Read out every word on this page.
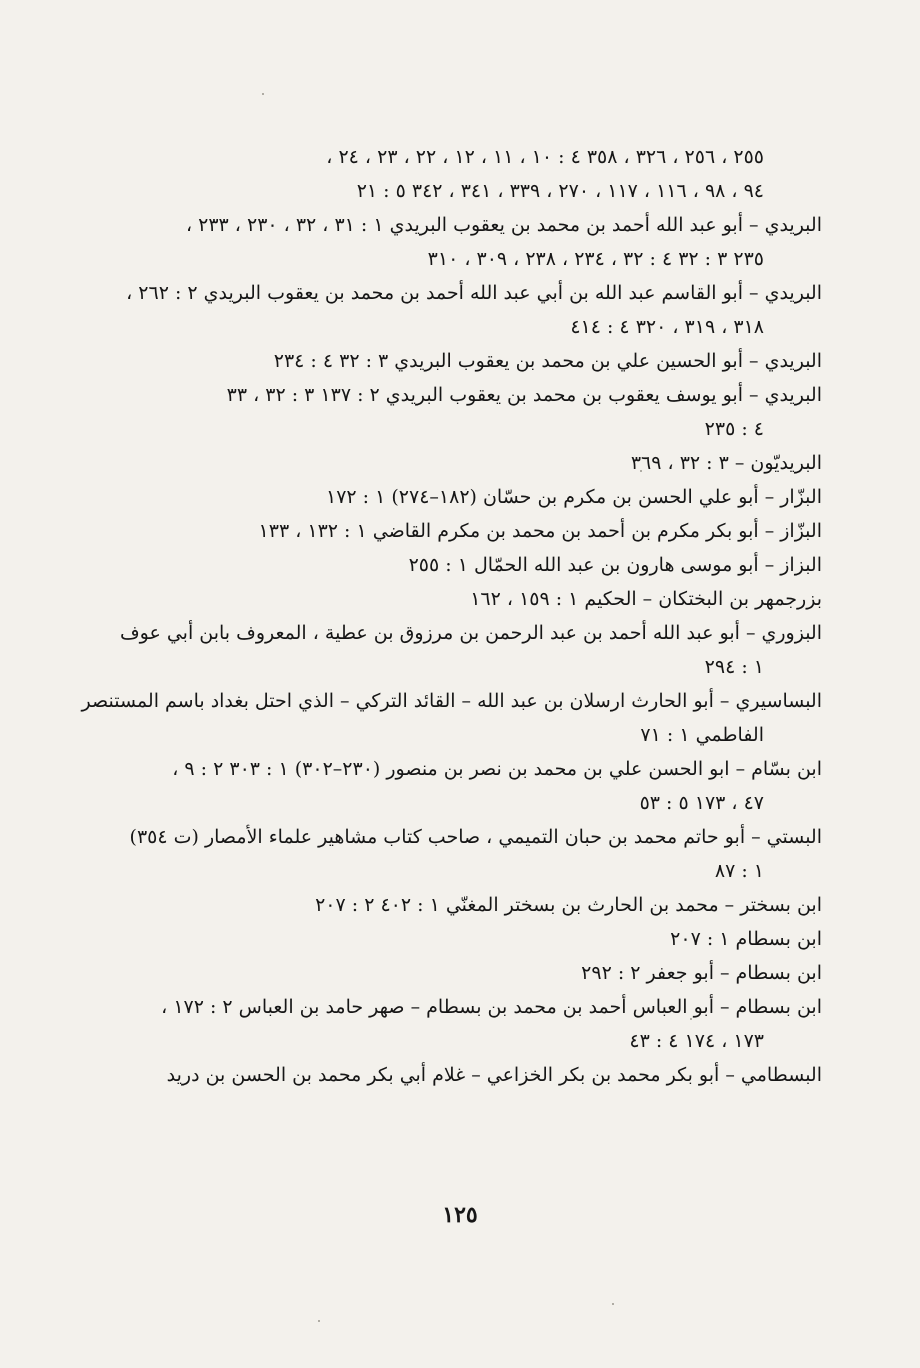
٢٥٥ ، ٢٥٦ ، ٣٢٦ ، ٣٥٨ ٤ : ١٠ ، ١١ ، ١٢ ، ٢٢ ، ٢٣ ، ٢٤ ،
٩٤ ، ٩٨ ، ١١٦ ، ١١٧ ، ٢٧٠ ، ٣٣٩ ، ٣٤١ ، ٣٤٢ ٥ : ٢١
البريدي – أبو عبد الله أحمد بن محمد بن يعقوب البريدي ١ : ٣١ ، ٣٢ ، ٢٣٠ ، ٢٣٣ ،
٢٣٥ ٣ : ٣٢ ٤ : ٣٢ ، ٢٣٤ ، ٢٣٨ ، ٣٠٩ ، ٣١٠
البريدي – أبو القاسم عبد الله بن أبي عبد الله أحمد بن محمد بن يعقوب البريدي ٢ : ٢٦٢ ،
٣١٨ ، ٣١٩ ، ٣٢٠ ٤ : ٤١٤
البريدي – أبو الحسين علي بن محمد بن يعقوب البريدي ٣ : ٣٢ ٤ : ٢٣٤
البريدي – أبو يوسف يعقوب بن محمد بن يعقوب البريدي ٢ : ١٣٧ ٣ : ٣٢ ، ٣٣
٤ : ٢٣٥
البريديّون – ٣ : ٣٢ ، ٣٦٩
البزّار – أبو علي الحسن بن مكرم بن حسّان (١٨٢–٢٧٤) ١ : ١٧٢
البزّاز – أبو بكر مكرم بن أحمد بن محمد بن مكرم القاضي ١ : ١٣٢ ، ١٣٣
البزاز – أبو موسى هارون بن عبد الله الحمّال ١ : ٢٥٥
بزرجمهر بن البختكان – الحكيم ١ : ١٥٩ ، ١٦٢
البزوري – أبو عبد الله أحمد بن عبد الرحمن بن مرزوق بن عطية ، المعروف بابن أبي عوف
١ : ٢٩٤
البساسيري – أبو الحارث ارسلان بن عبد الله – القائد التركي – الذي احتل بغداد باسم المستنصر
الفاطمي ١ : ٧١
ابن بسّام – ابو الحسن علي بن محمد بن نصر بن منصور (٢٣٠–٣٠٢) ١ : ٣٠٣ ٢ : ٩ ،
٤٧ ، ١٧٣ ٥ : ٥٣
البستي – أبو حاتم محمد بن حبان التميمي ، صاحب كتاب مشاهير علماء الأمصار (ت ٣٥٤)
١ : ٨٧
ابن بسختر – محمد بن الحارث بن بسختر المغنّي ١ : ٤٠٢ ٢ : ٢٠٧
ابن بسطام ١ : ٢٠٧
ابن بسطام – أبو جعفر ٢ : ٢٩٢
ابن بسطام – أبو العباس أحمد بن محمد بن بسطام – صهر حامد بن العباس ٢ : ١٧٢ ،
١٧٣ ، ١٧٤ ٤ : ٤٣
البسطامي – أبو بكر محمد بن بكر الخزاعي – غلام أبي بكر محمد بن الحسن بن دريد
١٢٥
